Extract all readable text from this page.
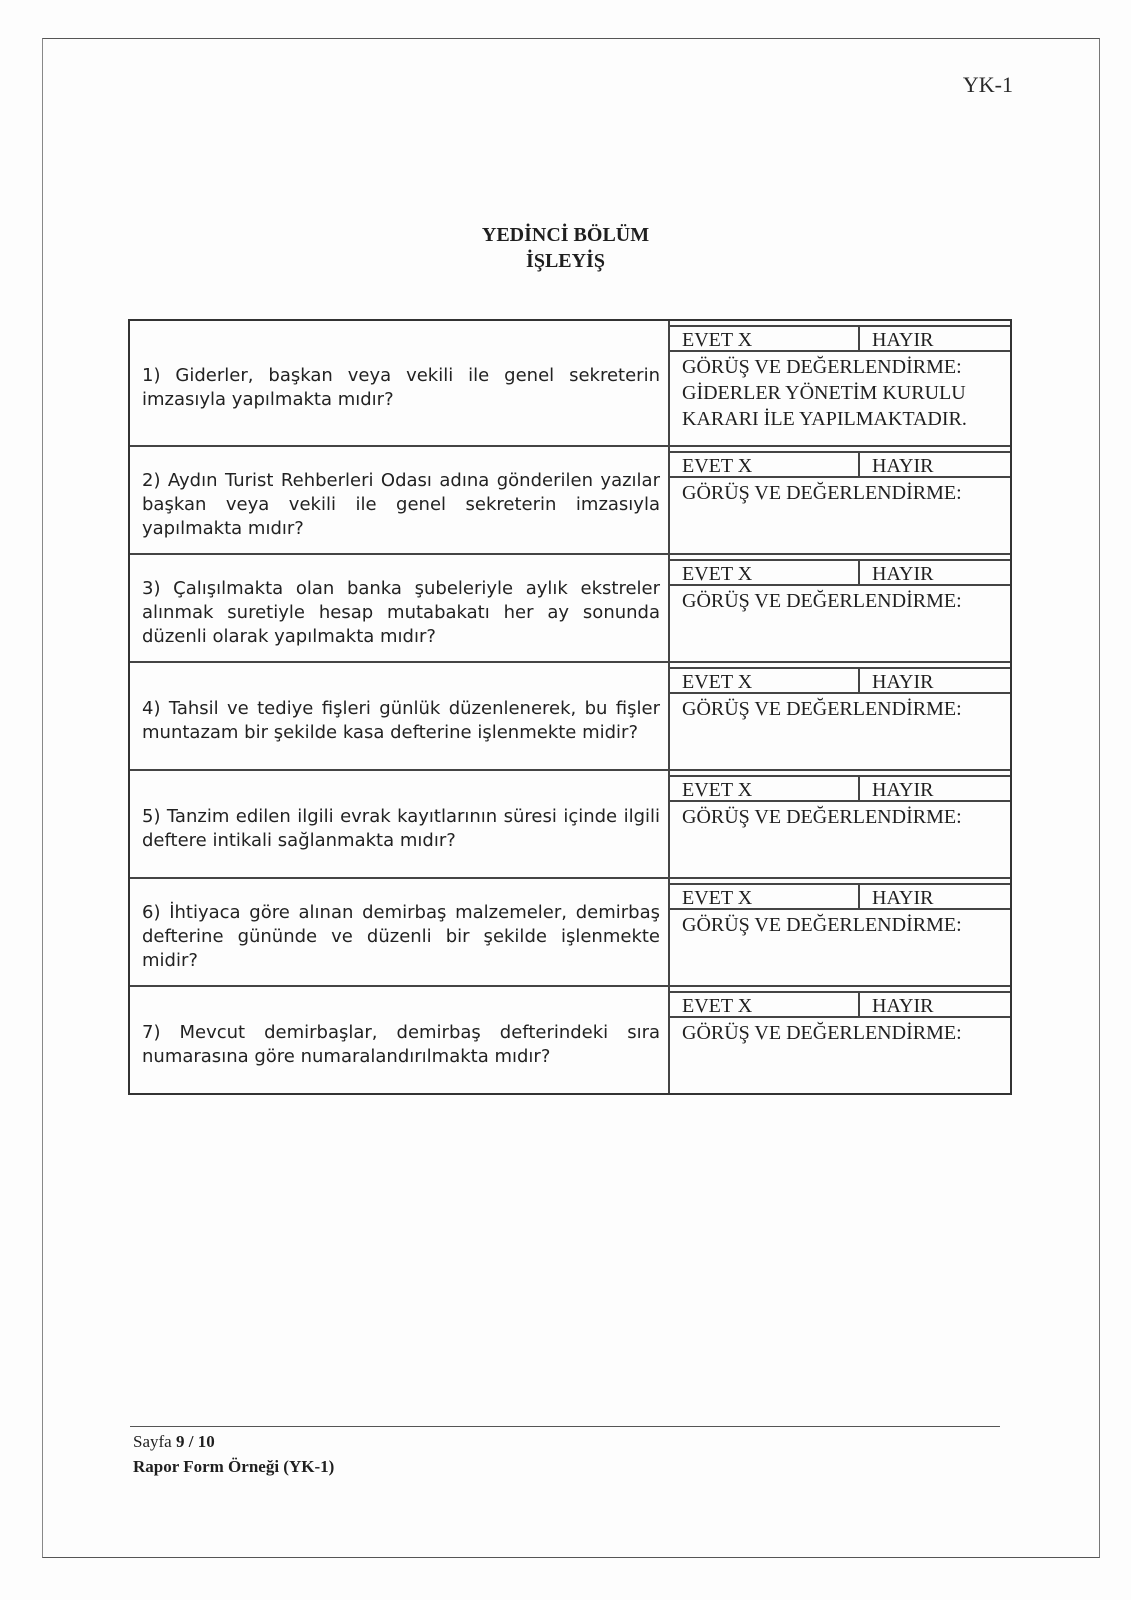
YK-1
YEDİNCİ BÖLÜM
İŞLEYİŞ
1) Giderler, başkan veya vekili ile genel sekreterin imzasıyla yapılmakta mıdır?
EVET X	HAYIR
GÖRÜŞ VE DEĞERLENDİRME:
GİDERLER YÖNETİM KURULU KARARI İLE YAPILMAKTADIR.
2) Aydın Turist Rehberleri Odası adına gönderilen yazılar başkan veya vekili ile genel sekreterin imzasıyla yapılmakta mıdır?
EVET X	HAYIR
GÖRÜŞ VE DEĞERLENDİRME:
3) Çalışılmakta olan banka şubeleriyle aylık ekstreler alınmak suretiyle hesap mutabakatı her ay sonunda düzenli olarak yapılmakta mıdır?
EVET X	HAYIR
GÖRÜŞ VE DEĞERLENDİRME:
4) Tahsil ve tediye fişleri günlük düzenlenerek, bu fişler muntazam bir şekilde kasa defterine işlenmekte midir?
EVET X	HAYIR
GÖRÜŞ VE DEĞERLENDİRME:
5) Tanzim edilen ilgili evrak kayıtlarının süresi içinde ilgili deftere intikali sağlanmakta mıdır?
EVET X	HAYIR
GÖRÜŞ VE DEĞERLENDİRME:
6) İhtiyaca göre alınan demirbaş malzemeler, demirbaş defterine gününde ve düzenli bir şekilde işlenmekte midir?
EVET X	HAYIR
GÖRÜŞ VE DEĞERLENDİRME:
7) Mevcut demirbaşlar, demirbaş defterindeki sıra numarasına göre numaralandırılmakta mıdır?
EVET X	HAYIR
GÖRÜŞ VE DEĞERLENDİRME:
Sayfa 9 / 10
Rapor Form Örneği (YK-1)
